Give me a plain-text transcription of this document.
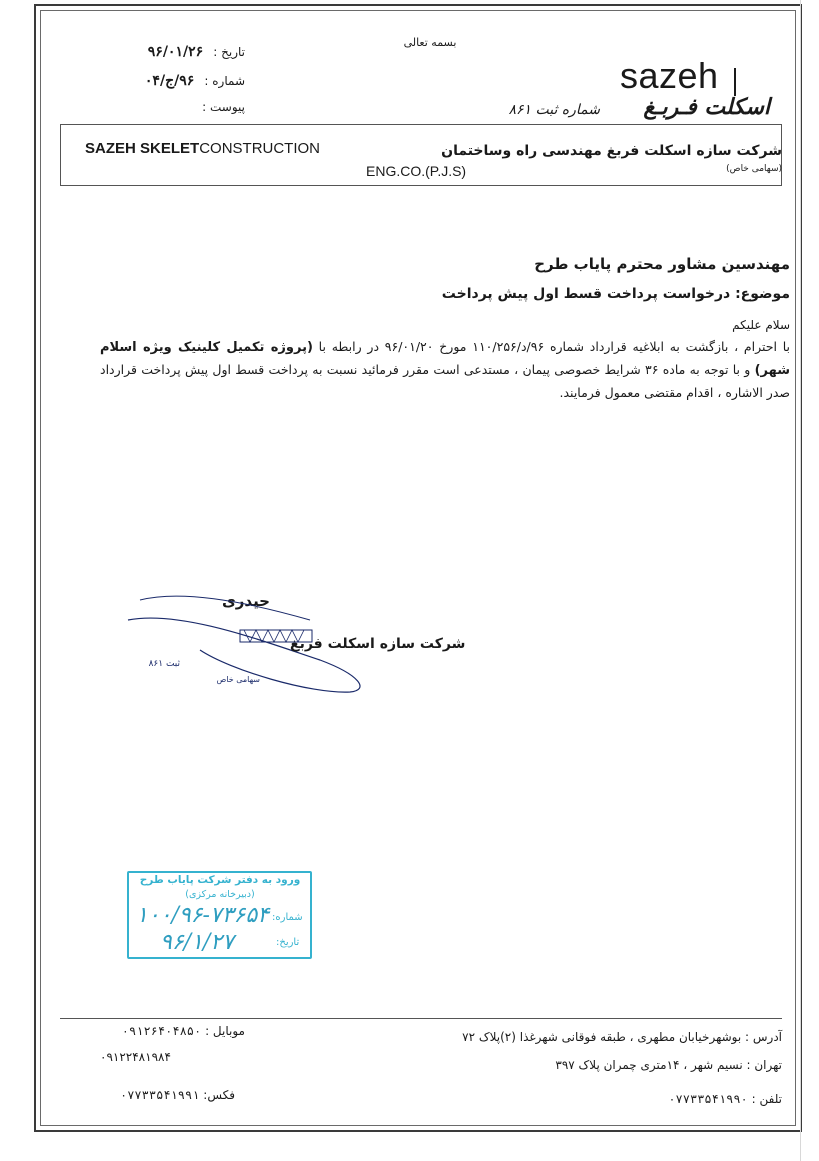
بسمه تعالی
تاریخ : ۹۶/۰۱/۲۶
شماره : ۹۶/ج/۰۴
پیوست :
sazeh
اسکلت فـربـغ
شماره ثبت ۸۶۱
SAZEH SKELETCONSTRUCTION
ENG.CO.(P.J.S)
شرکت سازه اسکلت فربغ مهندسی راه وساختمان (سهامی خاص)
مهندسین مشاور محترم پایاب طرح
موضوع: درخواست پرداخت قسط اول پیش پرداخت
سلام علیکم
با احترام ، بازگشت به ابلاغیه قرارداد شماره ۹۶/د/۱۱۰/۲۵۶ مورخ ۹۶/۰۱/۲۰ در رابطه با (پروژه تکمیل کلینیک ویژه اسلام شهر) و با توجه به ماده ۳۶ شرایط خصوصی پیمان ، مستدعی است مقرر فرمائید نسبت به پرداخت قسط اول پیش پرداخت قرارداد صدر الاشاره ، اقدام مقتضی معمول فرمایند.
حیدری
شرکت سازه اسکلت فربغ
ثبت ۸۶۱
سهامی خاص
ورود به دفتر شرکت پایاب طرح
(دبیرخانه مرکزی)
شماره:
۱۰۰/۹۶-۷۳۶۵۴
تاریخ:
۹۶/۱/۲۷
موبایل : ۰۹۱۲۶۴۰۴۸۵۰
۰۹۱۲۲۴۸۱۹۸۴
فکس: ۰۷۷۳۳۵۴۱۹۹۱
آدرس : بوشهرخیابان مطهری ، طبقه فوقانی شهرغذا (۲)پلاک ۷۲
تهران : نسیم شهر ، ۱۴متری چمران پلاک ۳۹۷
تلفن : ۰۷۷۳۳۵۴۱۹۹۰
